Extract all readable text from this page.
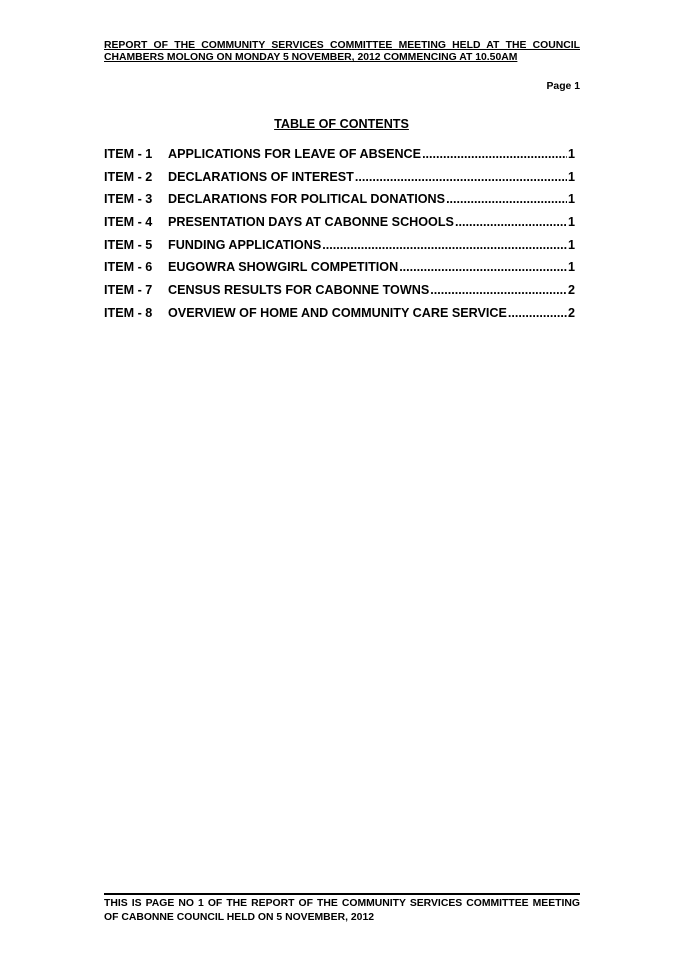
REPORT OF THE COMMUNITY SERVICES COMMITTEE MEETING HELD AT THE COUNCIL CHAMBERS MOLONG ON MONDAY 5 NOVEMBER, 2012 COMMENCING AT 10.50AM
Page 1
TABLE OF CONTENTS
ITEM - 1	APPLICATIONS FOR LEAVE OF ABSENCE .....	1
ITEM - 2	DECLARATIONS OF INTEREST .....	1
ITEM - 3	DECLARATIONS FOR POLITICAL DONATIONS .....	1
ITEM - 4	PRESENTATION DAYS AT CABONNE SCHOOLS .....	1
ITEM - 5	FUNDING APPLICATIONS .....	1
ITEM - 6	EUGOWRA SHOWGIRL COMPETITION .....	1
ITEM - 7	CENSUS RESULTS FOR CABONNE TOWNS .....	2
ITEM - 8	OVERVIEW OF HOME AND COMMUNITY CARE SERVICE .....	2
THIS IS PAGE NO 1 OF THE REPORT OF THE COMMUNITY SERVICES COMMITTEE MEETING OF CABONNE COUNCIL HELD ON 5 NOVEMBER, 2012
